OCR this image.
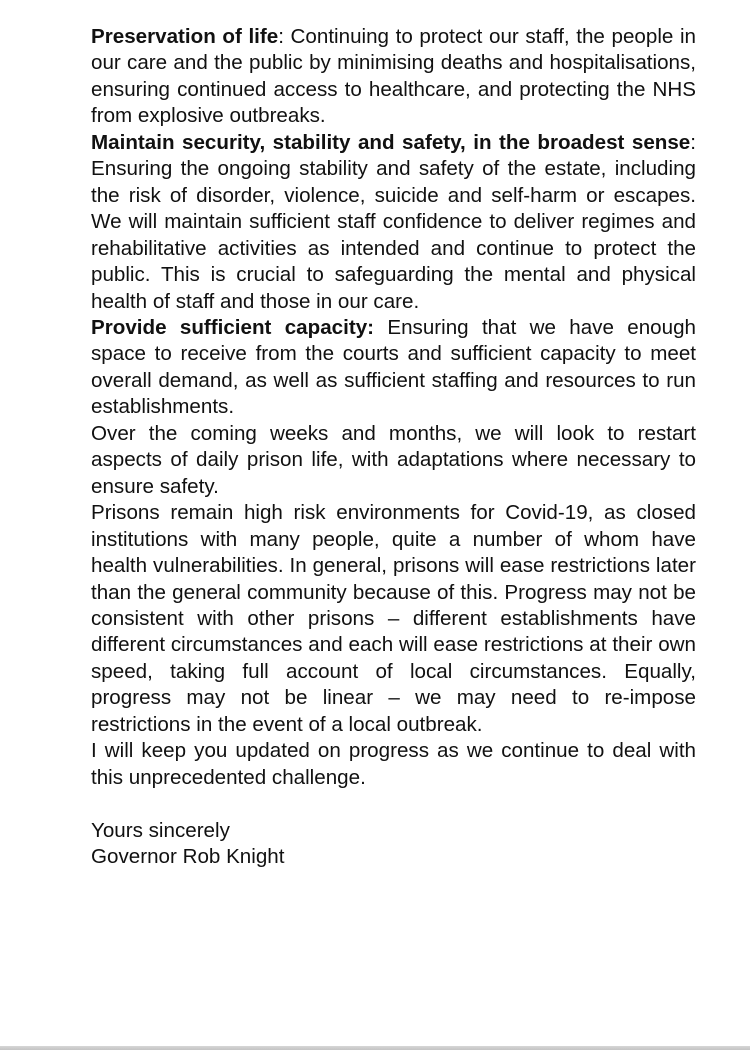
Preservation of life: Continuing to protect our staff, the people in our care and the public by minimising deaths and hospitalisations, ensuring continued access to healthcare, and protecting the NHS from explosive outbreaks.

Maintain security, stability and safety, in the broadest sense: Ensuring the ongoing stability and safety of the estate, including the risk of disorder, violence, suicide and self-harm or escapes. We will maintain sufficient staff confidence to deliver regimes and rehabilitative activities as intended and continue to protect the public. This is crucial to safeguarding the mental and physical health of staff and those in our care.

Provide sufficient capacity: Ensuring that we have enough space to receive from the courts and sufficient capacity to meet overall demand, as well as sufficient staffing and resources to run establishments.

Over the coming weeks and months, we will look to restart aspects of daily prison life, with adaptations where necessary to ensure safety.

Prisons remain high risk environments for Covid-19, as closed institutions with many people, quite a number of whom have health vulnerabilities. In general, prisons will ease restrictions later than the general community because of this. Progress may not be consistent with other prisons – different establishments have different circumstances and each will ease restrictions at their own speed, taking full account of local circumstances. Equally, progress may not be linear – we may need to re-impose restrictions in the event of a local outbreak.

I will keep you updated on progress as we continue to deal with this unprecedented challenge.

Yours sincerely

Governor Rob Knight
